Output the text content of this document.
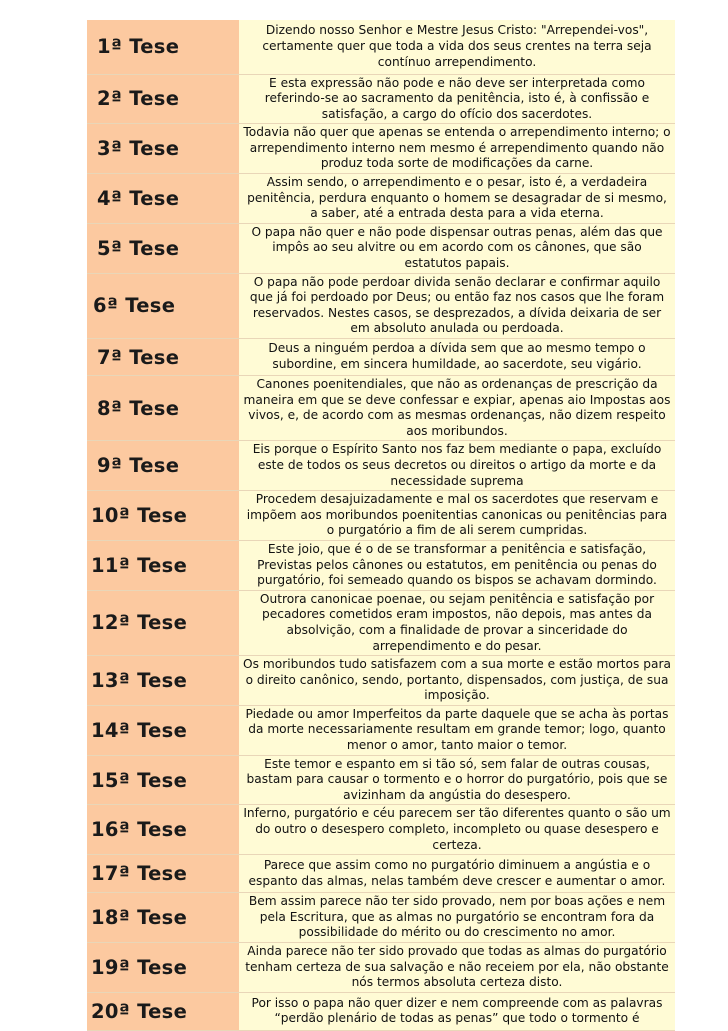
1ª Tese	Dizendo nosso Senhor e Mestre Jesus Cristo: "Arrependei-vos", certamente quer que toda a vida dos seus crentes na terra seja contínuo arrependimento.
2ª Tese	E esta expressão não pode e não deve ser interpretada como referindo-se ao sacramento da penitência, isto é, à confissão e satisfação, a cargo do ofício dos sacerdotes.
3ª Tese	Todavia não quer que apenas se entenda o arrependimento interno; o arrependimento interno nem mesmo é arrependimento quando não produz toda sorte de modificações da carne.
4ª Tese	Assim sendo, o arrependimento e o pesar, isto é, a verdadeira penitência, perdura enquanto o homem se desagradar de si mesmo, a saber, até a entrada desta para a vida eterna.
5ª Tese	O papa não quer e não pode dispensar outras penas, além das que impôs ao seu alvitre ou em acordo com os cânones, que são estatutos papais.
6ª Tese	O papa não pode perdoar divida senão declarar e confirmar aquilo que já foi perdoado por Deus; ou então faz nos casos que lhe foram reservados. Nestes casos, se desprezados, a dívida deixaria de ser em absoluto anulada ou perdoada.
7ª Tese	Deus a ninguém perdoa a dívida sem que ao mesmo tempo o subordine, em sincera humildade, ao sacerdote, seu vigário.
8ª Tese	Canones poenitendiales, que não as ordenanças de prescrição da maneira em que se deve confessar e expiar, apenas aio Impostas aos vivos, e, de acordo com as mesmas ordenanças, não dizem respeito aos moribundos.
9ª Tese	Eis porque o Espírito Santo nos faz bem mediante o papa, excluído este de todos os seus decretos ou direitos o artigo da morte e da necessidade suprema
10ª Tese	Procedem desajuizadamente e mal os sacerdotes que reservam e impõem aos moribundos poenitentias canonicas ou penitências para o purgatório a fim de ali serem cumpridas.
11ª Tese	Este joio, que é o de se transformar a penitência e satisfação, Previstas pelos cânones ou estatutos, em penitência ou penas do purgatório, foi semeado quando os bispos se achavam dormindo.
12ª Tese	Outrora canonicae poenae, ou sejam penitência e satisfação por pecadores cometidos eram impostos, não depois, mas antes da absolvição, com a finalidade de provar a sinceridade do arrependimento e do pesar.
13ª Tese	Os moribundos tudo satisfazem com a sua morte e estão mortos para o direito canônico, sendo, portanto, dispensados, com justiça, de sua imposição.
14ª Tese	Piedade ou amor Imperfeitos da parte daquele que se acha às portas da morte necessariamente resultam em grande temor; logo, quanto menor o amor, tanto maior o temor.
15ª Tese	Este temor e espanto em si tão só, sem falar de outras cousas, bastam para causar o tormento e o horror do purgatório, pois que se avizinham da angústia do desespero.
16ª Tese	Inferno, purgatório e céu parecem ser tão diferentes quanto o são um do outro o desespero completo, incompleto ou quase desespero e certeza.
17ª Tese	Parece que assim como no purgatório diminuem a angústia e o espanto das almas, nelas também deve crescer e aumentar o amor.
18ª Tese	Bem assim parece não ter sido provado, nem por boas ações e nem pela Escritura, que as almas no purgatório se encontram fora da possibilidade do mérito ou do crescimento no amor.
19ª Tese	Ainda parece não ter sido provado que todas as almas do purgatório tenham certeza de sua salvação e não receiem por ela, não obstante nós termos absoluta certeza disto.
20ª Tese	Por isso o papa não quer dizer e nem compreende com as palavras “perdão plenário de todas as penas” que todo o tormento é
